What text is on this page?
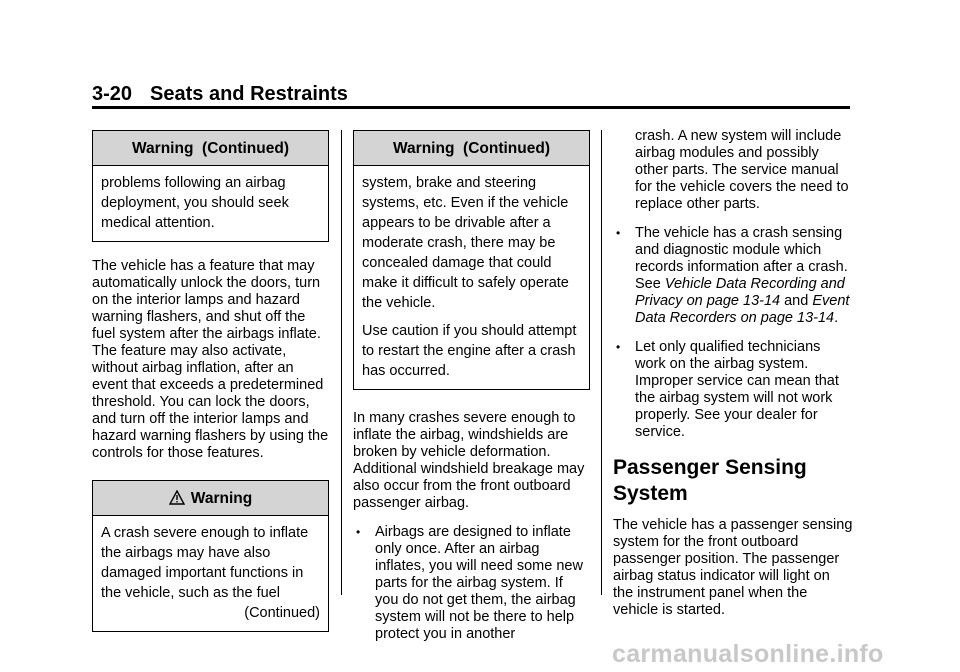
3-20 Seats and Restraints
Warning  (Continued)

problems following an airbag deployment, you should seek medical attention.

The vehicle has a feature that may automatically unlock the doors, turn on the interior lamps and hazard warning flashers, and shut off the fuel system after the airbags inflate. The feature may also activate, without airbag inflation, after an event that exceeds a predetermined threshold. You can lock the doors, and turn off the interior lamps and hazard warning flashers by using the controls for those features.

Warning

A crash severe enough to inflate the airbags may have also damaged important functions in the vehicle, such as the fuel

(Continued)
Warning  (Continued)

system, brake and steering systems, etc. Even if the vehicle appears to be drivable after a moderate crash, there may be concealed damage that could make it difficult to safely operate the vehicle.

Use caution if you should attempt to restart the engine after a crash has occurred.

In many crashes severe enough to inflate the airbag, windshields are broken by vehicle deformation. Additional windshield breakage may also occur from the front outboard passenger airbag.

• Airbags are designed to inflate only once. After an airbag inflates, you will need some new parts for the airbag system. If you do not get them, the airbag system will not be there to help protect you in another

crash. A new system will include airbag modules and possibly other parts. The service manual for the vehicle covers the need to replace other parts.

• The vehicle has a crash sensing and diagnostic module which records information after a crash. See Vehicle Data Recording and Privacy on page 13-14 and Event Data Recorders on page 13-14.
• Let only qualified technicians work on the airbag system. Improper service can mean that the airbag system will not work properly. See your dealer for service.
Passenger Sensing System

The vehicle has a passenger sensing system for the front outboard passenger position. The passenger airbag status indicator will light on the instrument panel when the vehicle is started.

carmanualsonline.info
